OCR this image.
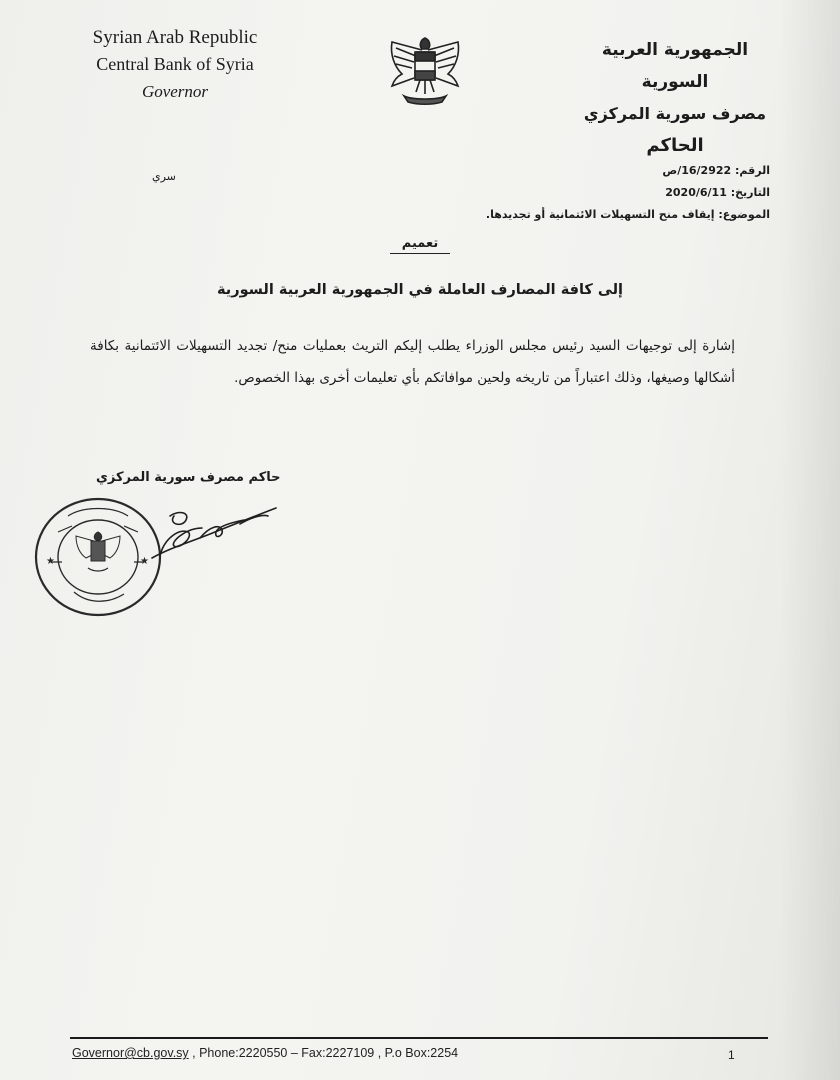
Syrian Arab Republic
Central Bank of Syria
Governor
الجمهورية العربية السورية
مصرف سورية المركزي
الحاكم
سري	الرقم: 16/2922/ص
التاريخ: 2020/6/11
الموضوع: إيقاف منح التسهيلات الائتمانية أو تجديدها.
تعميم
إلى كافة المصارف العاملة في الجمهورية العربية السورية
إشارة إلى توجيهات السيد رئيس مجلس الوزراء يطلب إليكم التريث بعمليات منح/ تجديد التسهيلات الائتمانية بكافة أشكالها وصيغها، وذلك اعتباراً من تاريخه ولحين موافاتكم بأي تعليمات أخرى بهذا الخصوص.
حاكم مصرف سورية المركزي
★	★
Governor@cb.gov.sy , Phone:2220550 – Fax:2227109 , P.o Box:2254	1
